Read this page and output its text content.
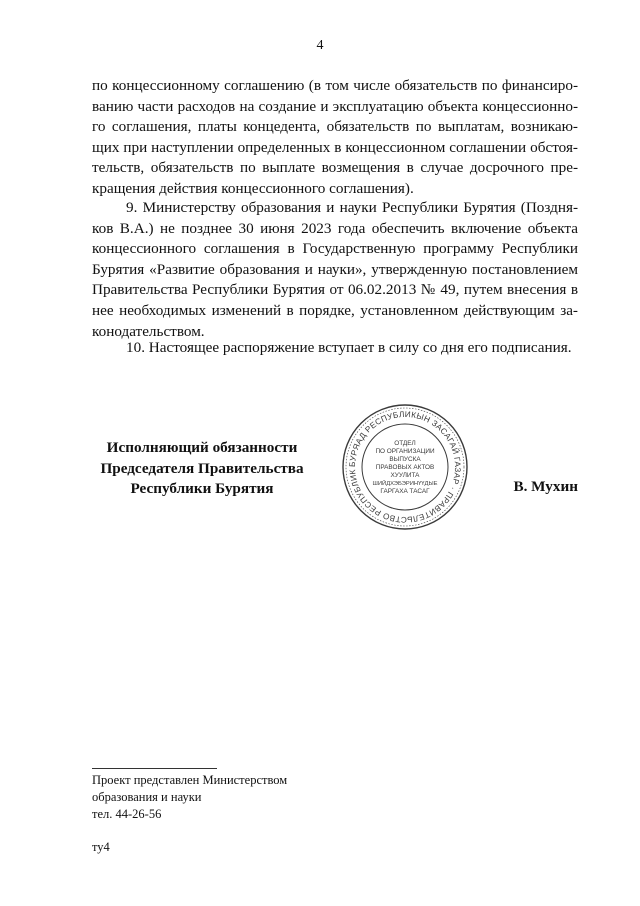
4

по концессионному соглашению (в том числе обязательств по финансиро-ванию части расходов на создание и эксплуатацию объекта концессионно-го соглашения, платы концедента, обязательств по выплатам, возникаю-щих при наступлении определенных в концессионном соглашении обстоя-тельств, обязательств по выплате возмещения в случае досрочного пре-кращения действия концессионного соглашения).

9. Министерству образования и науки Республики Бурятия (Поздня-ков В.А.) не позднее 30 июня 2023 года обеспечить включение объекта концессионного соглашения в Государственную программу Республики Бурятия «Развитие образования и науки», утвержденную постановлением Правительства Республики Бурятия от 06.02.2013 № 49, путем внесения в нее необходимых изменений в порядке, установленном действующим за-конодательством.

10. Настоящее распоряжение вступает в силу со дня его подписания.

Исполняющий обязанности
Председателя Правительства
Республики Бурятия
БУРЯАД РЕСПУБЛИКЫН ЗАСАГАЙ ГАЗАР · ПРАВИТЕЛЬСТВО РЕСПУБЛИК
ОТДЕЛ
ПО ОРГАНИЗАЦИИ
ВЫПУСКА
ПРАВОВЫХ АКТОВ
ХУУЛИТА
ШИЙДХЭБЭРИНҮҮДЫЕ
ГАРГАХА ТАСАГ	В. Мухин
Проект представлен Министерством
образования и науки
тел. 44-26-56
ту4
